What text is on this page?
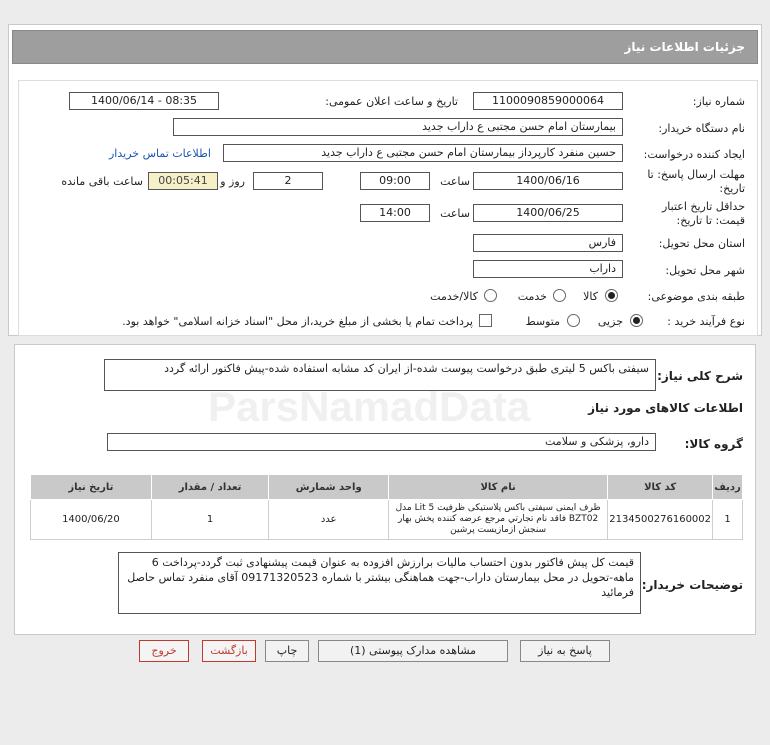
جزئیات اطلاعات نیاز
شماره نیاز:
1100090859000064
تاریخ و ساعت اعلان عمومی:
1400/06/14 - 08:35
نام دستگاه خریدار:
بیمارستان امام حسن مجتبی ع داراب جدید
ایجاد کننده درخواست:
حسین منفرد کارپرداز بیمارستان امام حسن مجتبی ع داراب جدید
اطلاعات تماس خریدار
مهلت ارسال پاسخ: تا
تاریخ:
1400/06/16
ساعت
09:00
2
روز و
00:05:41
ساعت باقی مانده
حداقل تاریخ اعتبار
قیمت: تا تاریخ:
1400/06/25
ساعت
14:00
استان محل تحویل:
فارس
شهر محل تحویل:
داراب
طبقه بندی موضوعی:
کالا
خدمت
کالا/خدمت
نوع فرآیند خرید :
جزیی
متوسط
پرداخت تمام یا بخشی از مبلغ خرید،از محل "اسناد خزانه اسلامی" خواهد بود.
شرح کلی نیاز:
سیفتی باکس 5 لیتری طبق درخواست پیوست شده-از ایران کد مشابه استفاده شده-پیش فاکتور ارائه گردد
اطلاعات کالاهای مورد نیاز
گروه کالا:
دارو، پزشکی و سلامت
ردیف	کد کالا	نام کالا	واحد شمارش	تعداد / مقدار	تاریخ نیاز
1	2134500276160002	ظرف ایمنی سیفتی باکس پلاستیکی ظرفیت 5 Lit مدل BZT02 فاقد نام تجارتي مرجع عرضه كننده پخش بهار سنجش ازمازیست پرشین	عدد	1	1400/06/20
توضیحات خریدار:
قیمت کل پیش فاکتور بدون احتساب مالیات برارزش افزوده به عنوان قیمت پیشنهادی ثبت گردد-پرداخت 6 ماهه-تحویل در محل بیمارستان داراب-جهت هماهنگی بیشتر با شماره 09171320523 آقای منفرد تماس حاصل فرمائید
پاسخ به نیاز
مشاهده مدارک پیوستی (1)
چاپ
بازگشت
خروج
